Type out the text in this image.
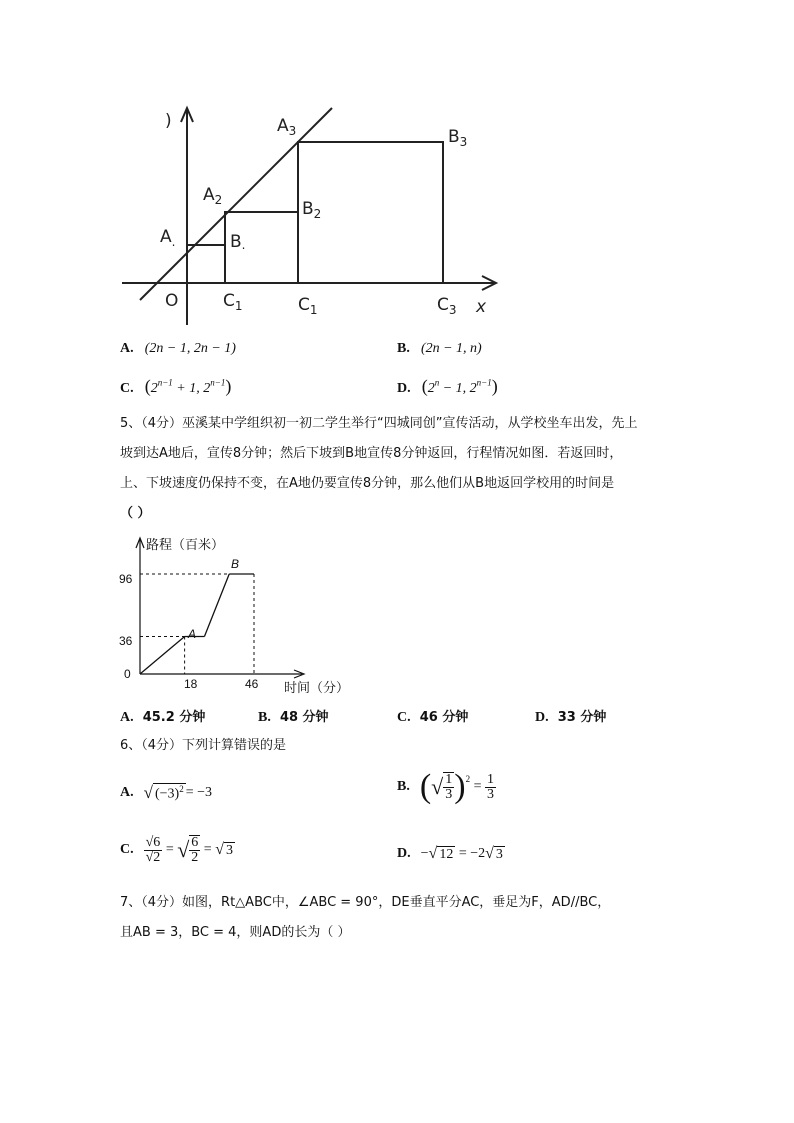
)
$A_.$
$A_2$
$A_3$
B.
$B_2$
$B_3$
O	$C_1$	$C_1$	$C_3$ x
A. (2n − 1, 2n − 1)	B. (2n − 1, n)
C. ($2^{n-1} + 1$, $2^{n-1}$)	D. ($2^n - 1$, $2^{n-1}$)
5、（4分）巫溪某中学组织初一初二学生举行“四城同创”宣传活动，从学校坐车出发，先上
坡到达A地后，宣传8分钟；然后下坡到B地宣传8分钟返回，行程情况如图．若返回时，
上、下坡速度仍保持不变，在A地仍要宣传8分钟，那么他们从B地返回学校用的时间是
（ ）
路程（百米）
时间（分）
0
36
96
18	46
A
B
A. 45.2 分钟	B. 48 分钟	C. 46 分钟	D. 33 分钟
6、（4分）下列计算错误的是
A. √ $(-3)^2 = -3$	B. ( √ $\frac{1}{3} )^2 = \frac{1}{3}$
C. $\frac{√6}{√2}$ = √ $\frac{6}{2}$ = √ 3	D. − √ 12 = −2 √ 3
7、（4分）如图，Rt△ABC中，∠ABC = 90°，DE垂直平分AC，垂足为F，AD//BC，
且AB = 3，BC = 4，则AD的长为（ ）
